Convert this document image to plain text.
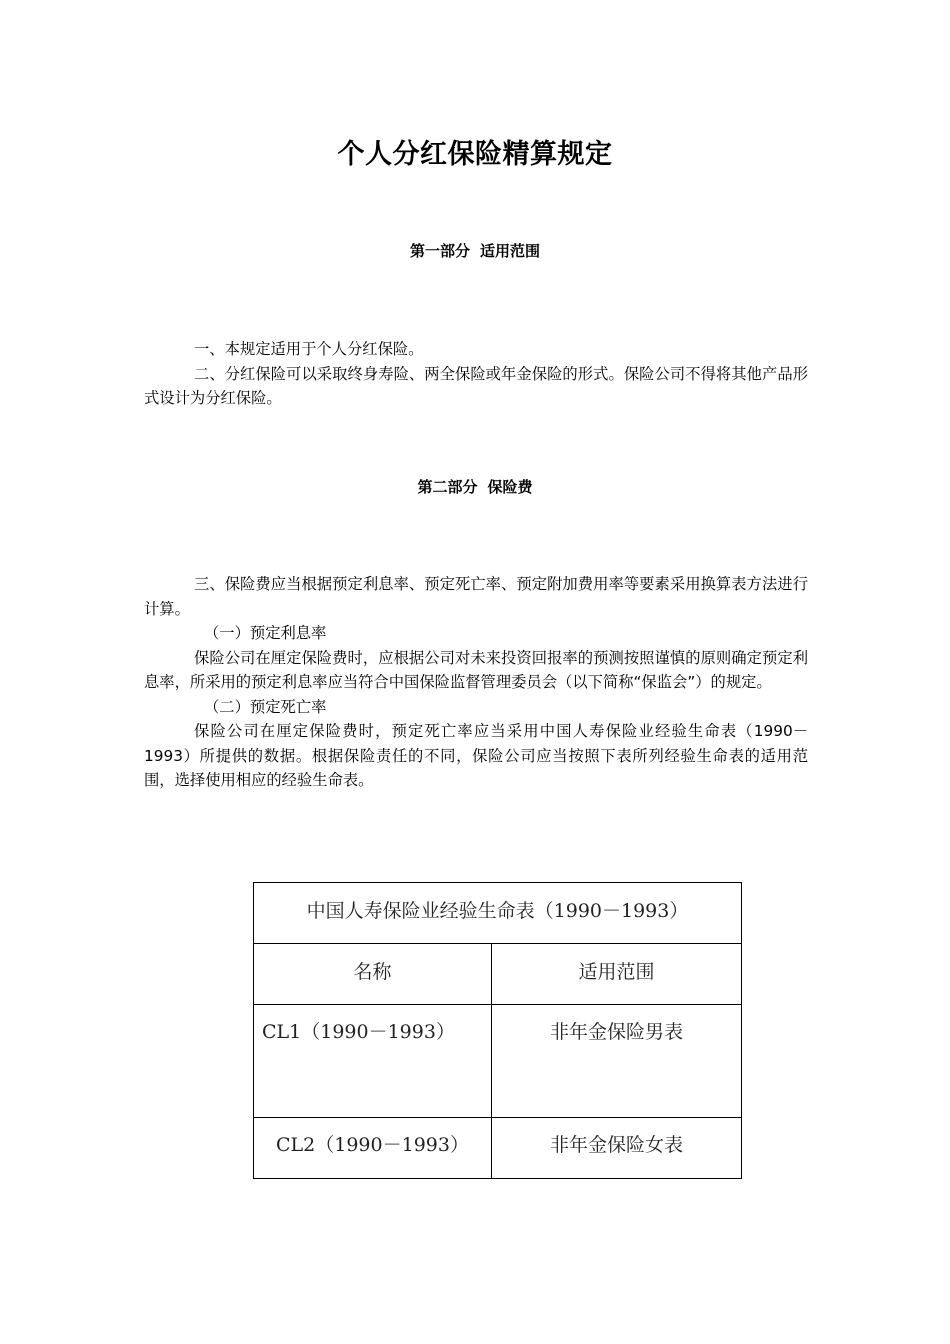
个人分红保险精算规定
第一部分 适用范围

一、本规定适用于个人分红保险。

二、分红保险可以采取终身寿险、两全保险或年金保险的形式。保险公司不得将其他产品形式设计为分红保险。

第二部分 保险费

三、保险费应当根据预定利息率、预定死亡率、预定附加费用率等要素采用换算表方法进行计算。

（一）预定利息率

保险公司在厘定保险费时，应根据公司对未来投资回报率的预测按照谨慎的原则确定预定利息率，所采用的预定利息率应当符合中国保险监督管理委员会（以下简称“保监会”）的规定。

（二）预定死亡率

保险公司在厘定保险费时，预定死亡率应当采用中国人寿保险业经验生命表（1990－1993）所提供的数据。根据保险责任的不同，保险公司应当按照下表所列经验生命表的适用范围，选择使用相应的经验生命表。

中国人寿保险业经验生命表（1990－1993）	
名称	适用范围
CL1（1990－1993）	非年金保险男表
CL2（1990－1993）	非年金保险女表
